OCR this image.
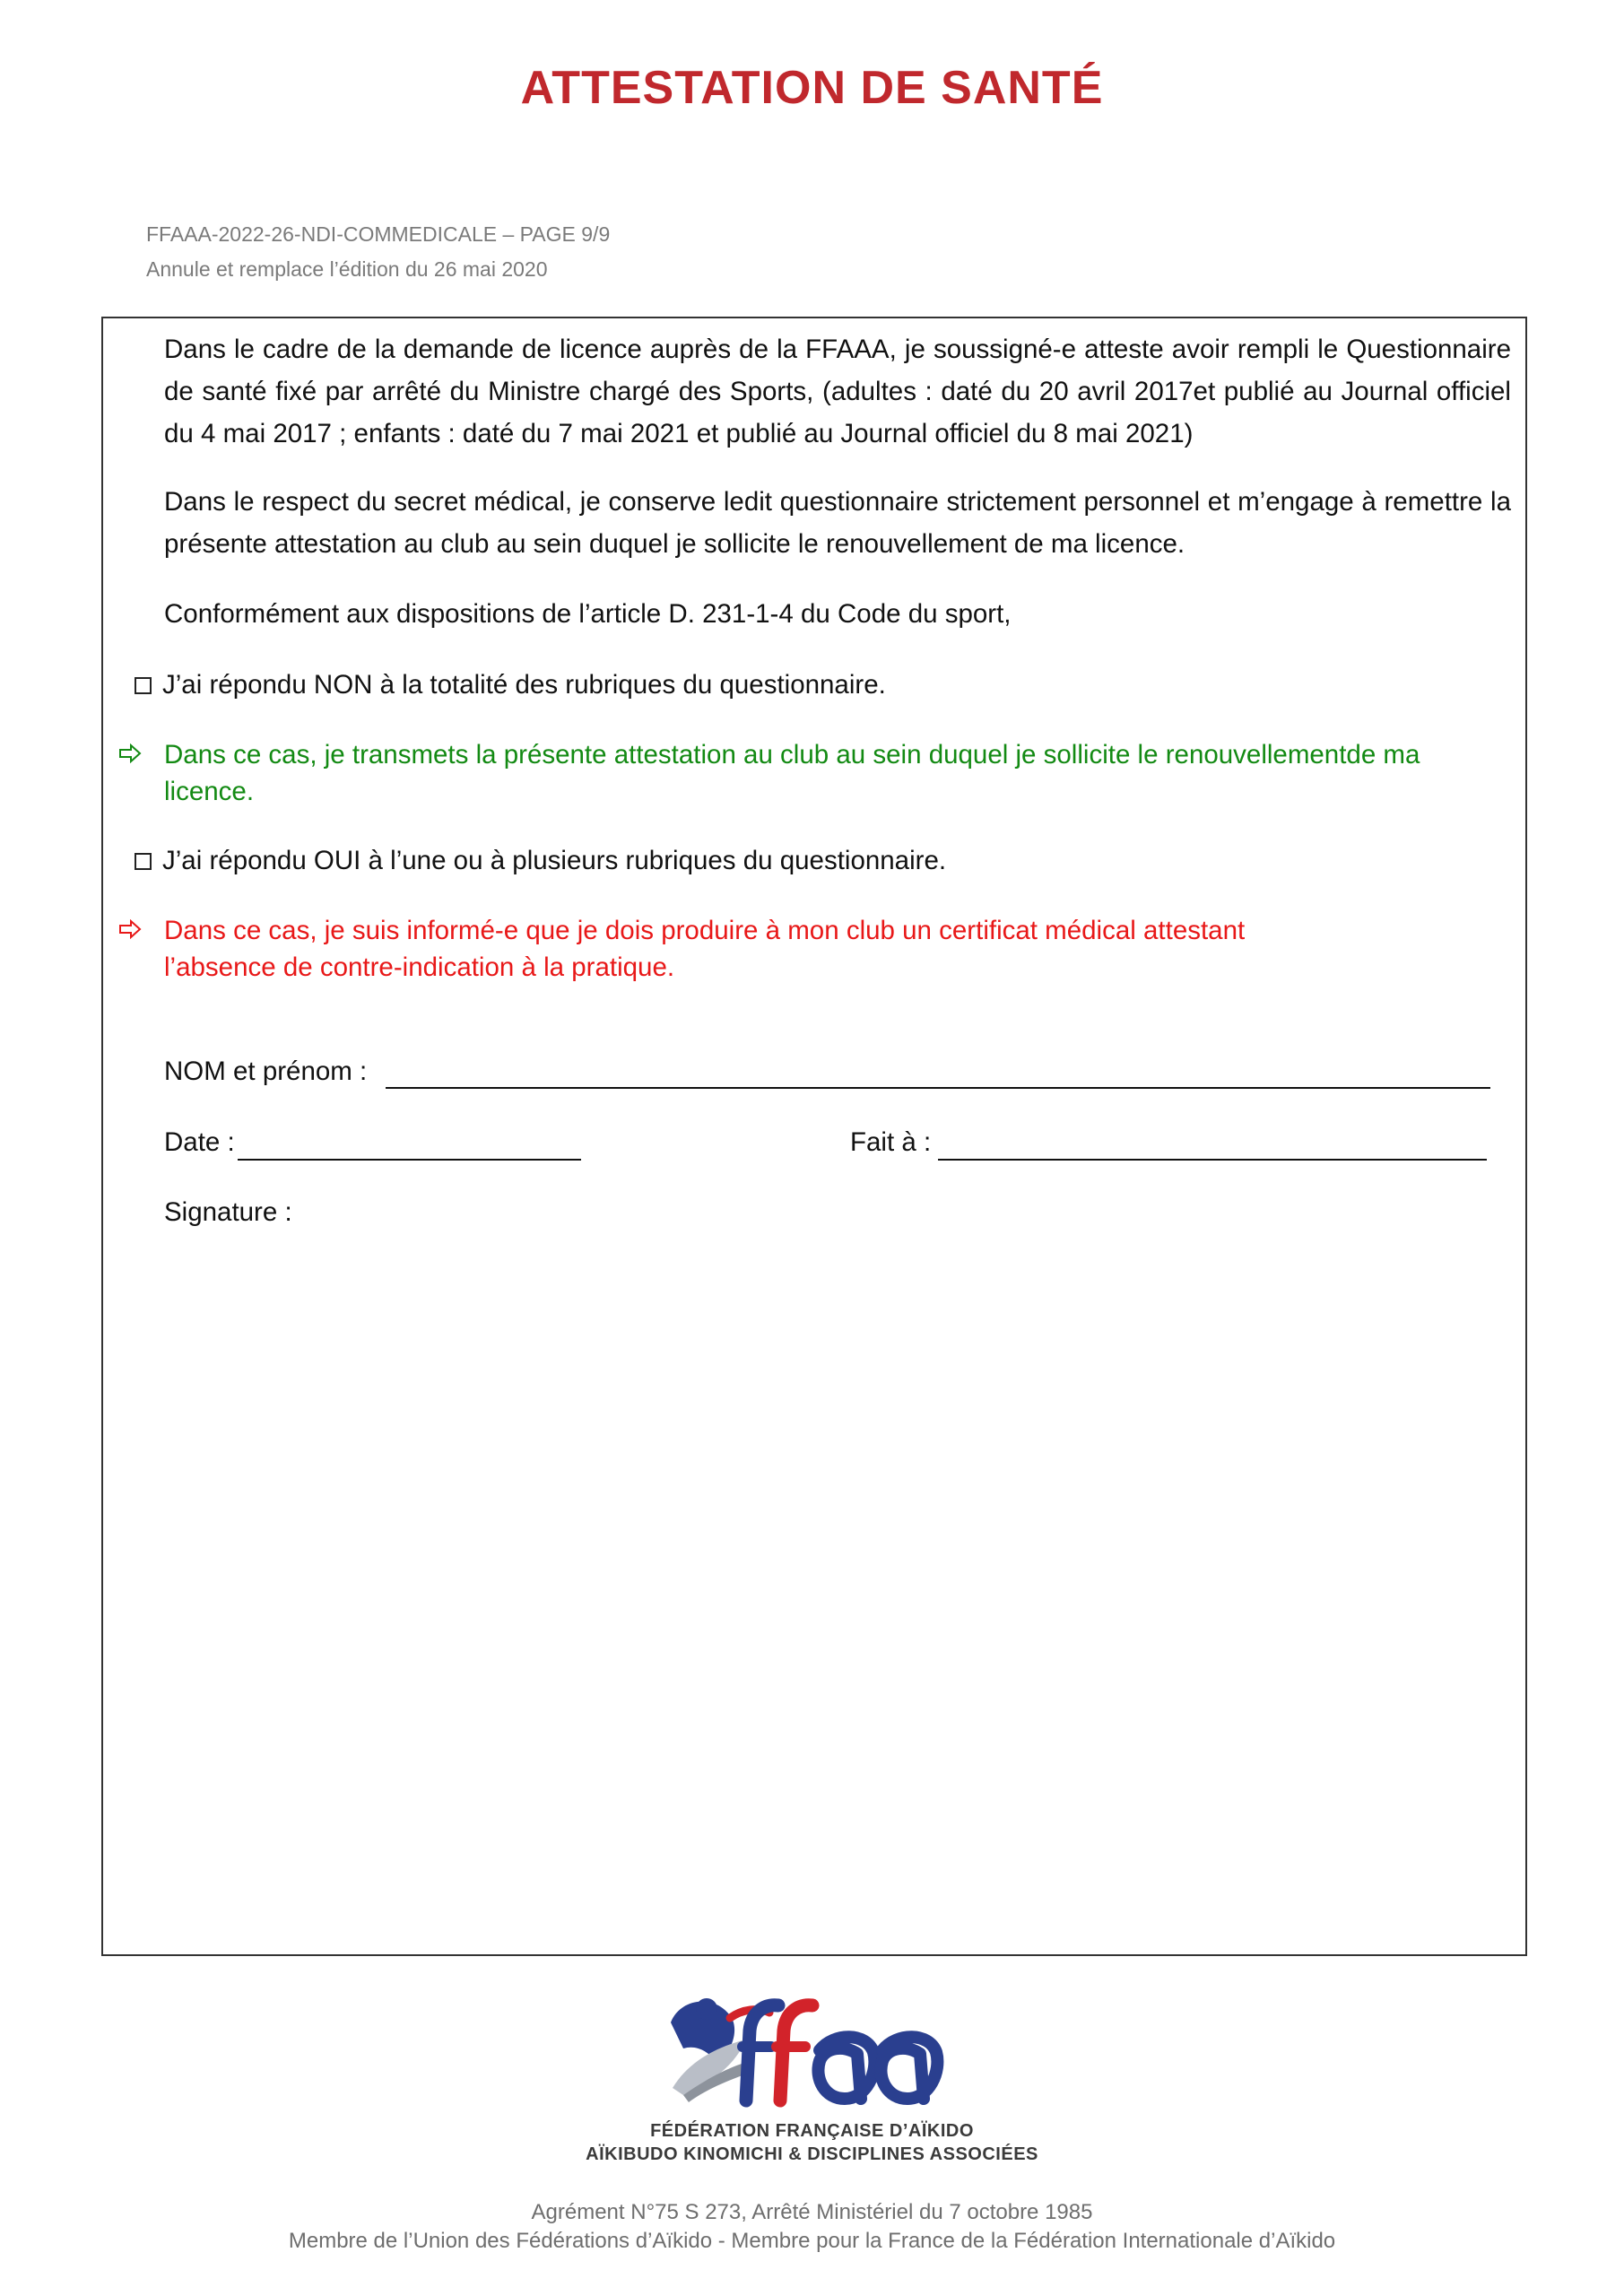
ATTESTATION DE SANTÉ
FFAAA-2022-26-NDI-COMMEDICALE – PAGE 9/9
Annule et remplace l’édition du 26 mai 2020
Dans le cadre de la demande de licence auprès de la FFAAA, je soussigné-e atteste avoir rempli le Questionnaire de santé fixé par arrêté du Ministre chargé des Sports, (adultes : daté du 20 avril 2017et publié au Journal officiel du 4 mai 2017 ; enfants : daté du 7 mai 2021 et publié au Journal officiel du 8 mai 2021)
Dans le respect du secret médical, je conserve ledit questionnaire strictement personnel et m’engage à remettre la présente attestation au club au sein duquel je sollicite le renouvellement de ma licence.
Conformément aux dispositions de l’article D. 231-1-4 du Code du sport,
J’ai répondu NON à la totalité des rubriques du questionnaire.
Dans ce cas, je transmets la présente attestation au club au sein duquel je sollicite le renouvellementde ma licence.
J’ai répondu OUI à l’une ou à plusieurs rubriques du questionnaire.
Dans ce cas, je suis informé-e que je dois produire à mon club un certificat médical attestant
l’absence de contre-indication à la pratique.
NOM et prénom :
Date :	Fait à :
Signature :
FÉDÉRATION FRANÇAISE D’AÏKIDO
AÏKIBUDO KINOMICHI & DISCIPLINES ASSOCIÉES
Agrément N°75 S 273, Arrêté Ministériel du 7 octobre 1985
Membre de l’Union des Fédérations d’Aïkido - Membre pour la France de la Fédération Internationale d’Aïkido
